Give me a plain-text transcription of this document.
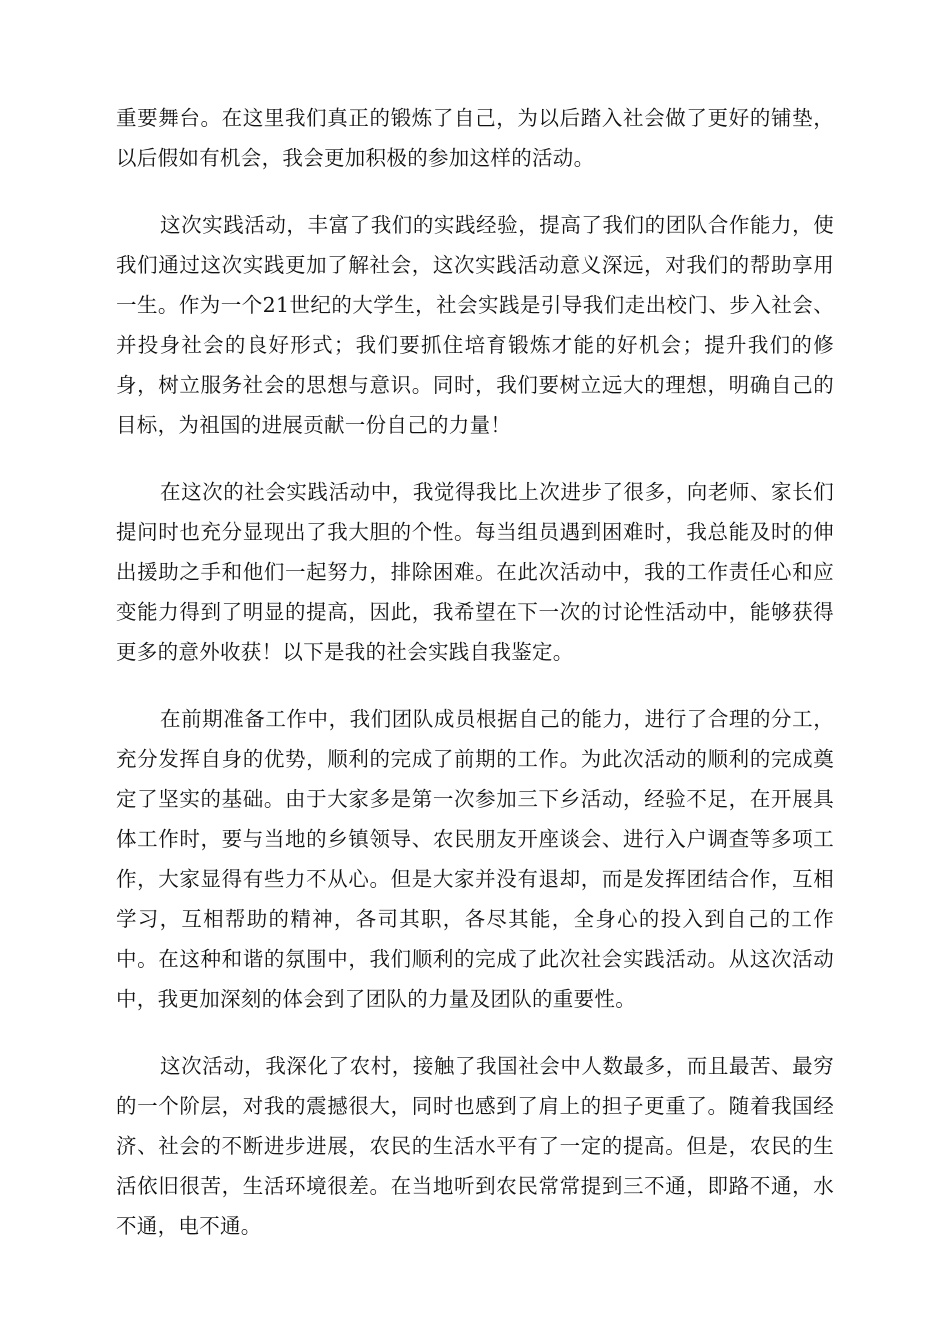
重要舞台。在这里我们真正的锻炼了自己，为以后踏入社会做了更好的铺垫，以后假如有机会，我会更加积极的参加这样的活动。

这次实践活动，丰富了我们的实践经验，提高了我们的团队合作能力，使我们通过这次实践更加了解社会，这次实践活动意义深远，对我们的帮助享用一生。作为一个21世纪的大学生，社会实践是引导我们走出校门、步入社会、并投身社会的良好形式；我们要抓住培育锻炼才能的好机会；提升我们的修身，树立服务社会的思想与意识。同时，我们要树立远大的理想，明确自己的目标，为祖国的进展贡献一份自己的力量！

在这次的社会实践活动中，我觉得我比上次进步了很多，向老师、家长们提问时也充分显现出了我大胆的个性。每当组员遇到困难时，我总能及时的伸出援助之手和他们一起努力，排除困难。在此次活动中，我的工作责任心和应变能力得到了明显的提高，因此，我希望在下一次的讨论性活动中，能够获得更多的意外收获！以下是我的社会实践自我鉴定。

在前期准备工作中，我们团队成员根据自己的能力，进行了合理的分工，充分发挥自身的优势，顺利的完成了前期的工作。为此次活动的顺利的完成奠定了坚实的基础。由于大家多是第一次参加三下乡活动，经验不足，在开展具体工作时，要与当地的乡镇领导、农民朋友开座谈会、进行入户调查等多项工作，大家显得有些力不从心。但是大家并没有退却，而是发挥团结合作，互相学习，互相帮助的精神，各司其职，各尽其能，全身心的投入到自己的工作中。在这种和谐的氛围中，我们顺利的完成了此次社会实践活动。从这次活动中，我更加深刻的体会到了团队的力量及团队的重要性。

这次活动，我深化了农村，接触了我国社会中人数最多，而且最苦、最穷的一个阶层，对我的震撼很大，同时也感到了肩上的担子更重了。随着我国经济、社会的不断进步进展，农民的生活水平有了一定的提高。但是，农民的生活依旧很苦，生活环境很差。在当地听到农民常常提到三不通，即路不通，水不通，电不通。
